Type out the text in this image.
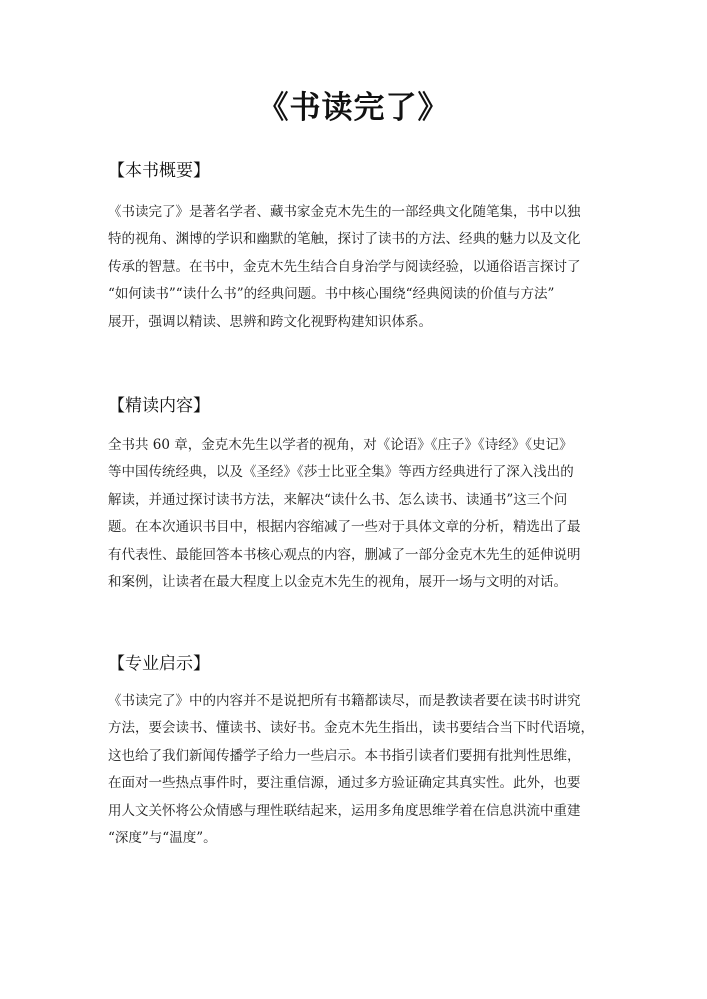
《书读完了》
【本书概要】

《书读完了》是著名学者、藏书家金克木先生的一部经典文化随笔集，书中以独
特的视角、渊博的学识和幽默的笔触，探讨了读书的方法、经典的魅力以及文化
传承的智慧。在书中，金克木先生结合自身治学与阅读经验，以通俗语言探讨了
“如何读书”“读什么书”的经典问题。书中核心围绕“经典阅读的价值与方法”
展开，强调以精读、思辨和跨文化视野构建知识体系。

【精读内容】

全书共 60 章，金克木先生以学者的视角，对《论语》《庄子》《诗经》《史记》
等中国传统经典，以及《圣经》《莎士比亚全集》等西方经典进行了深入浅出的
解读，并通过探讨读书方法，来解决“读什么书、怎么读书、读通书”这三个问
题。在本次通识书目中，根据内容缩减了一些对于具体文章的分析，精选出了最
有代表性、最能回答本书核心观点的内容，删减了一部分金克木先生的延伸说明
和案例，让读者在最大程度上以金克木先生的视角，展开一场与文明的对话。

【专业启示】

《书读完了》中的内容并不是说把所有书籍都读尽，而是教读者要在读书时讲究
方法，要会读书、懂读书、读好书。金克木先生指出，读书要结合当下时代语境，
这也给了我们新闻传播学子给力一些启示。本书指引读者们要拥有批判性思维，
在面对一些热点事件时，要注重信源，通过多方验证确定其真实性。此外，也要
用人文关怀将公众情感与理性联结起来，运用多角度思维学着在信息洪流中重建
“深度”与“温度”。
